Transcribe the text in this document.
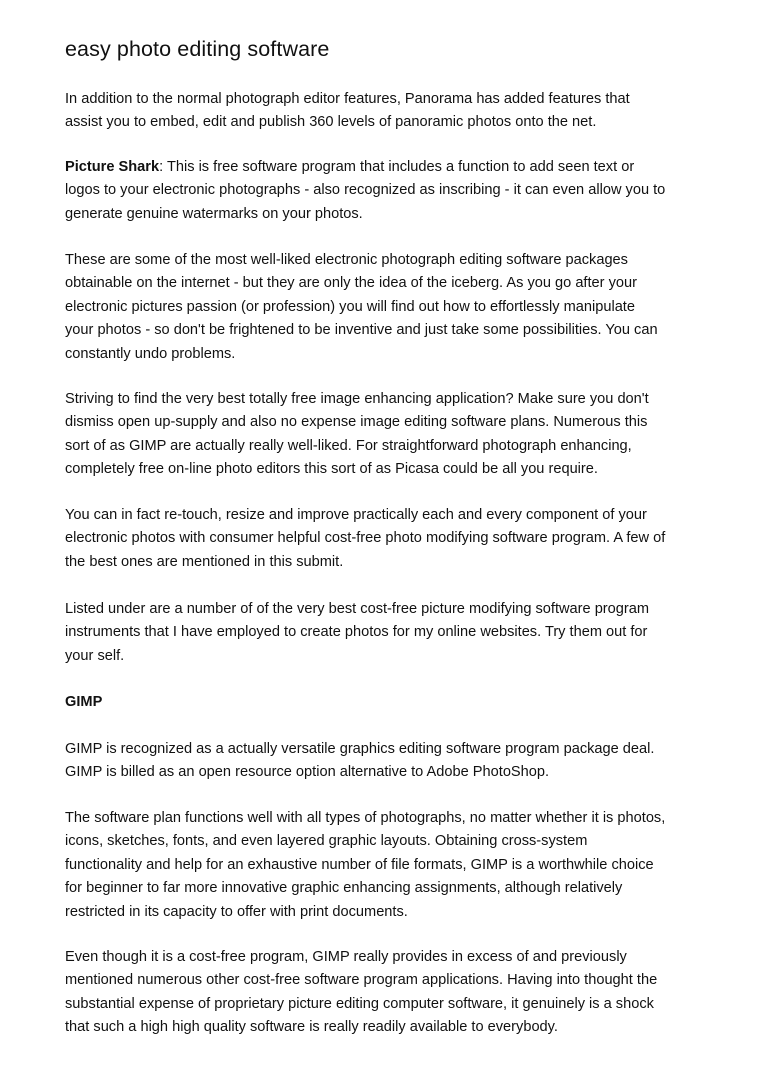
easy photo editing software

In addition to the normal photograph editor features, Panorama has added features that
assist you to embed, edit and publish 360 levels of panoramic photos onto the net.

Picture Shark: This is free software program that includes a function to add seen text or
logos to your electronic photographs - also recognized as inscribing - it can even allow you to
generate genuine watermarks on your photos.

These are some of the most well-liked electronic photograph editing software packages
obtainable on the internet - but they are only the idea of the iceberg. As you go after your
electronic pictures passion (or profession) you will find out how to effortlessly manipulate
your photos - so don't be frightened to be inventive and just take some possibilities. You can
constantly undo problems.

Striving to find the very best totally free image enhancing application? Make sure you don't
dismiss open up-supply and also no expense image editing software plans. Numerous this
sort of as GIMP are actually really well-liked. For straightforward photograph enhancing,
completely free on-line photo editors this sort of as Picasa could be all you require.

You can in fact re-touch, resize and improve practically each and every component of your
electronic photos with consumer helpful cost-free photo modifying software program. A few of
the best ones are mentioned in this submit.

Listed under are a number of of the very best cost-free picture modifying software program
instruments that I have employed to create photos for my online websites. Try them out for
your self.

GIMP

GIMP is recognized as a actually versatile graphics editing software program package deal.
GIMP is billed as an open resource option alternative to Adobe PhotoShop.

The software plan functions well with all types of photographs, no matter whether it is photos,
icons, sketches, fonts, and even layered graphic layouts. Obtaining cross-system
functionality and help for an exhaustive number of file formats, GIMP is a worthwhile choice
for beginner to far more innovative graphic enhancing assignments, although relatively
restricted in its capacity to offer with print documents.

Even though it is a cost-free program, GIMP really provides in excess of and previously
mentioned numerous other cost-free software program applications. Having into thought the
substantial expense of proprietary picture editing computer software, it genuinely is a shock
that such a high high quality software is really readily available to everybody.
